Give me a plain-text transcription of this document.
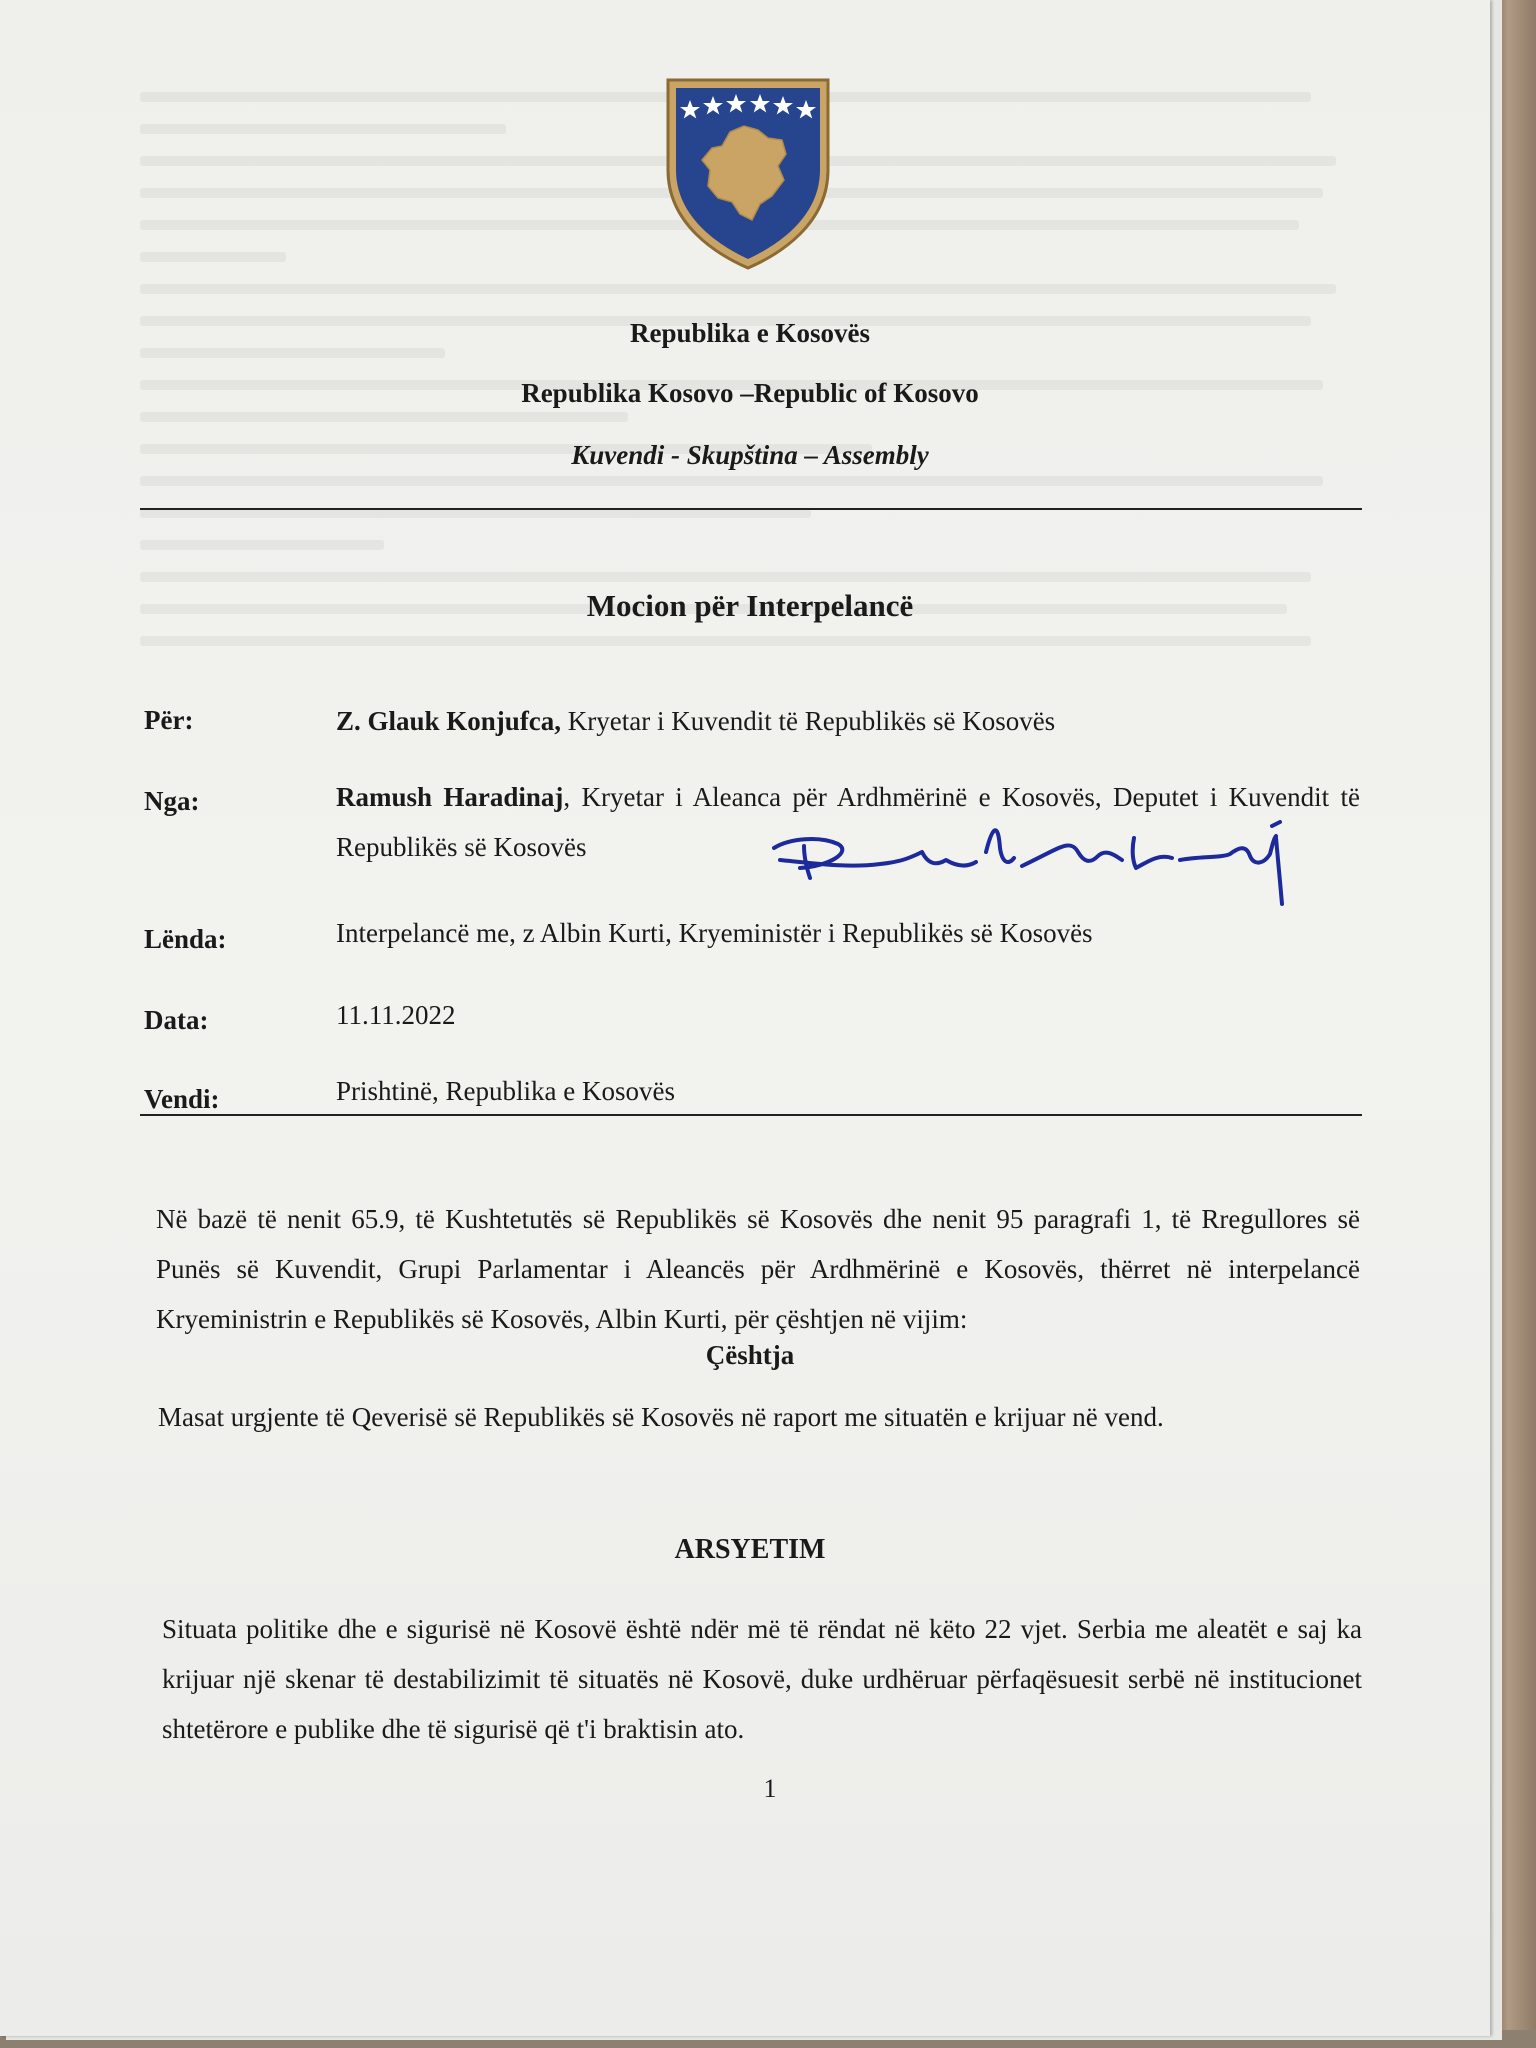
Republika e Kosovës
Republika Kosovo –Republic of Kosovo
Kuvendi - Skupština – Assembly
Mocion për Interpelancë
Për:	Z. Glauk Konjufca, Kryetar i Kuvendit të Republikës së Kosovës
Nga:	Ramush Haradinaj, Kryetar i Aleanca për Ardhmërinë e Kosovës, Deputet i Kuvendit të Republikës së Kosovës
Lënda:	Interpelancë me, z Albin Kurti, Kryeministër i Republikës së Kosovës
Data:	11.11.2022
Vendi:	Prishtinë, Republika e Kosovës
Në bazë të nenit 65.9, të Kushtetutës së Republikës së Kosovës dhe nenit 95 paragrafi 1, të Rregullores së Punës së Kuvendit, Grupi Parlamentar i Aleancës për Ardhmërinë e Kosovës, thërret në interpelancë Kryeministrin e Republikës së Kosovës, Albin Kurti, për çështjen në vijim:
Çështja
Masat urgjente të Qeverisë së Republikës së Kosovës në raport me situatën e krijuar në vend.
ARSYETIM
Situata politike dhe e sigurisë në Kosovë është ndër më të rëndat në këto 22 vjet. Serbia me aleatët e saj ka krijuar një skenar të destabilizimit të situatës në Kosovë, duke urdhëruar përfaqësuesit serbë në institucionet shtetërore e publike dhe të sigurisë që t'i braktisin ato.
1
